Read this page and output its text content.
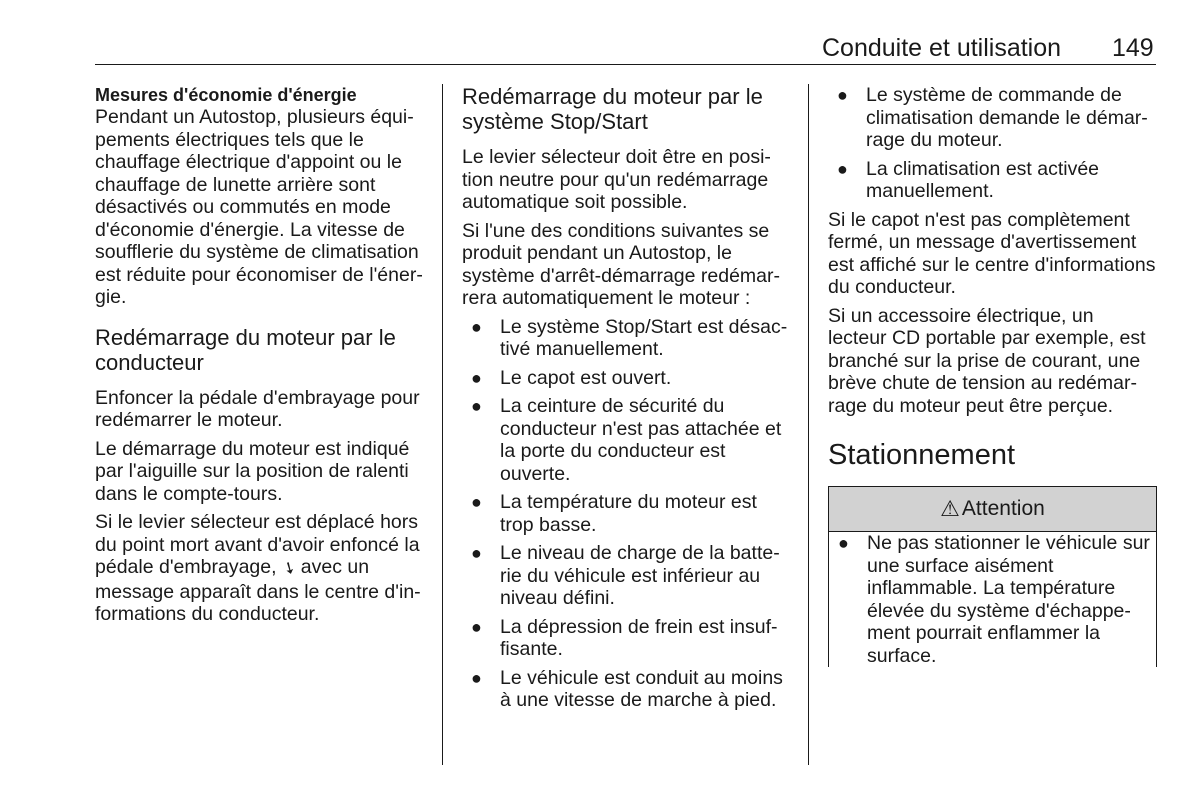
Conduite et utilisation 149
Mesures d'économie d'énergie

Pendant un Autostop, plusieurs équi-pements électriques tels que le chauffage électrique d'appoint ou le chauffage de lunette arrière sont désactivés ou commutés en mode d'économie d'énergie. La vitesse de soufflerie du système de climatisation est réduite pour économiser de l'éner-gie.

Redémarrage du moteur par le conducteur

Enfoncer la pédale d'embrayage pour redémarrer le moteur.

Le démarrage du moteur est indiqué par l'aiguille sur la position de ralenti dans le compte-tours.

Si le levier sélecteur est déplacé hors du point mort avant d'avoir enfoncé la pédale d'embrayage, ➘ avec un message apparaît dans le centre d'in-formations du conducteur.

Redémarrage du moteur par le système Stop/Start

Le levier sélecteur doit être en posi-tion neutre pour qu'un redémarrage automatique soit possible.

Si l'une des conditions suivantes se produit pendant un Autostop, le système d'arrêt-démarrage redémar-rera automatiquement le moteur :

● Le système Stop/Start est désac-tivé manuellement.
● Le capot est ouvert.
● La ceinture de sécurité du conducteur n'est pas attachée et la porte du conducteur est ouverte.
● La température du moteur est trop basse.
● Le niveau de charge de la batte-rie du véhicule est inférieur au niveau défini.
● La dépression de frein est insuf-fisante.
● Le véhicule est conduit au moins à une vitesse de marche à pied.
● Le système de commande de climatisation demande le démar-rage du moteur.
● La climatisation est activée manuellement.

Si le capot n'est pas complètement fermé, un message d'avertissement est affiché sur le centre d'informations du conducteur.

Si un accessoire électrique, un lecteur CD portable par exemple, est branché sur la prise de courant, une brève chute de tension au redémar-rage du moteur peut être perçue.

Stationnement
⚠ Attention
● Ne pas stationner le véhicule sur une surface aisément inflammable. La température élevée du système d'échappe-ment pourrait enflammer la surface.
